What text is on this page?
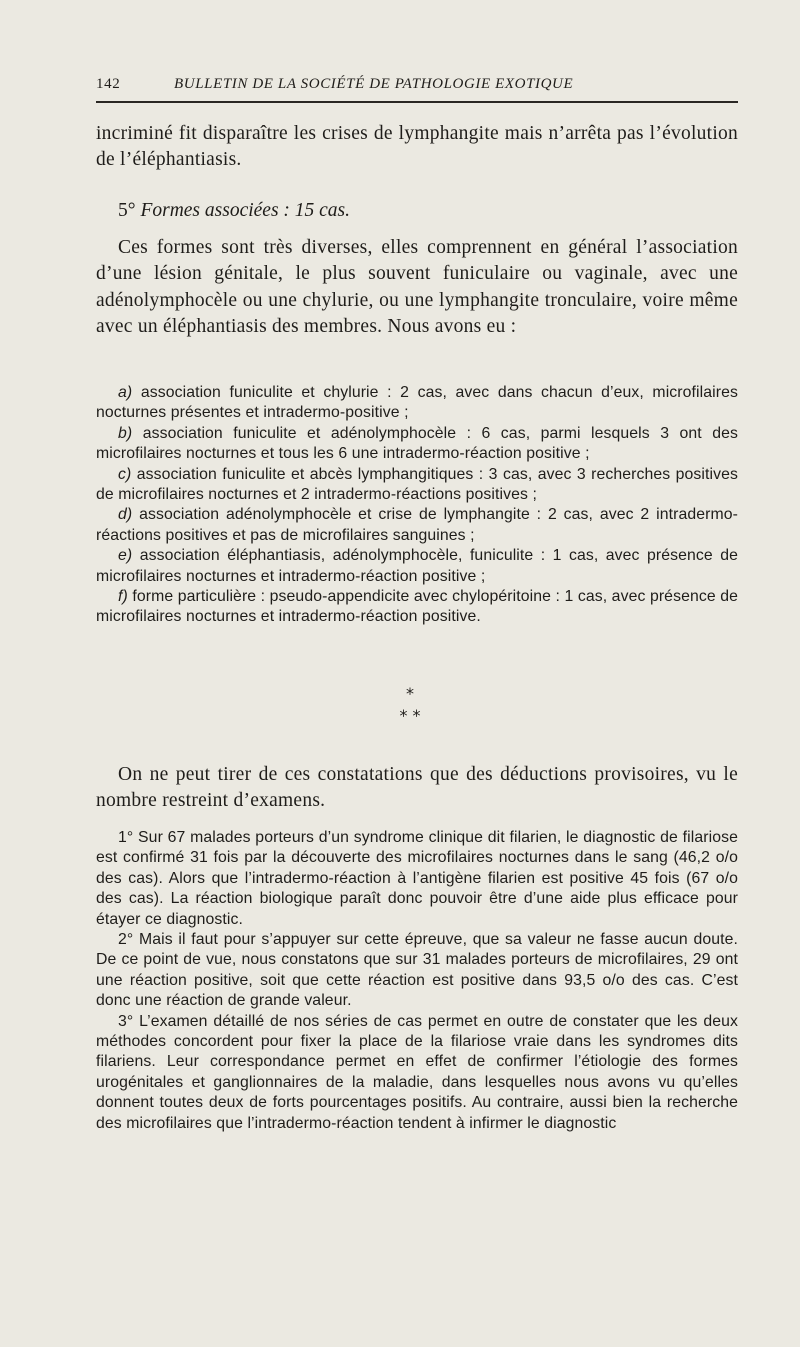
142	BULLETIN DE LA SOCIÉTÉ DE PATHOLOGIE EXOTIQUE

incriminé fit disparaître les crises de lymphangite mais n’arrêta pas l’évolution de l’éléphantiasis.

5° Formes associées : 15 cas.

Ces formes sont très diverses, elles comprennent en général l’association d’une lésion génitale, le plus souvent funiculaire ou vaginale, avec une adénolymphocèle ou une chylurie, ou une lymphangite tronculaire, voire même avec un éléphantiasis des membres. Nous avons eu :

a) association funiculite et chylurie : 2 cas, avec dans chacun d’eux, microfilaires nocturnes présentes et intradermo-positive ;

b) association funiculite et adénolymphocèle : 6 cas, parmi lesquels 3 ont des microfilaires nocturnes et tous les 6 une intradermo-réaction positive ;

c) association funiculite et abcès lymphangitiques : 3 cas, avec 3 recherches positives de microfilaires nocturnes et 2 intradermo-réactions positives ;

d) association adénolymphocèle et crise de lymphangite : 2 cas, avec 2 intradermo-réactions positives et pas de microfilaires sanguines ;

e) association éléphantiasis, adénolymphocèle, funiculite : 1 cas, avec présence de microfilaires nocturnes et intradermo-réaction positive ;

f) forme particulière : pseudo-appendicite avec chylopéritoine : 1 cas, avec présence de microfilaires nocturnes et intradermo-réaction positive.

*
* *

On ne peut tirer de ces constatations que des déductions provisoires, vu le nombre restreint d’examens.

1° Sur 67 malades porteurs d’un syndrome clinique dit filarien, le diagnostic de filariose est confirmé 31 fois par la découverte des microfilaires nocturnes dans le sang (46,2 o/o des cas). Alors que l’intradermo-réaction à l’antigène filarien est positive 45 fois (67 o/o des cas). La réaction biologique paraît donc pouvoir être d’une aide plus efficace pour étayer ce diagnostic.

2° Mais il faut pour s’appuyer sur cette épreuve, que sa valeur ne fasse aucun doute. De ce point de vue, nous constatons que sur 31 malades porteurs de microfilaires, 29 ont une réaction positive, soit que cette réaction est positive dans 93,5 o/o des cas. C’est donc une réaction de grande valeur.

3° L’examen détaillé de nos séries de cas permet en outre de constater que les deux méthodes concordent pour fixer la place de la filariose vraie dans les syndromes dits filariens. Leur correspondance permet en effet de confirmer l’étiologie des formes urogénitales et ganglionnaires de la maladie, dans lesquelles nous avons vu qu’elles donnent toutes deux de forts pourcentages positifs. Au contraire, aussi bien la recherche des microfilaires que l’intradermo-réaction tendent à infirmer le diagnostic
